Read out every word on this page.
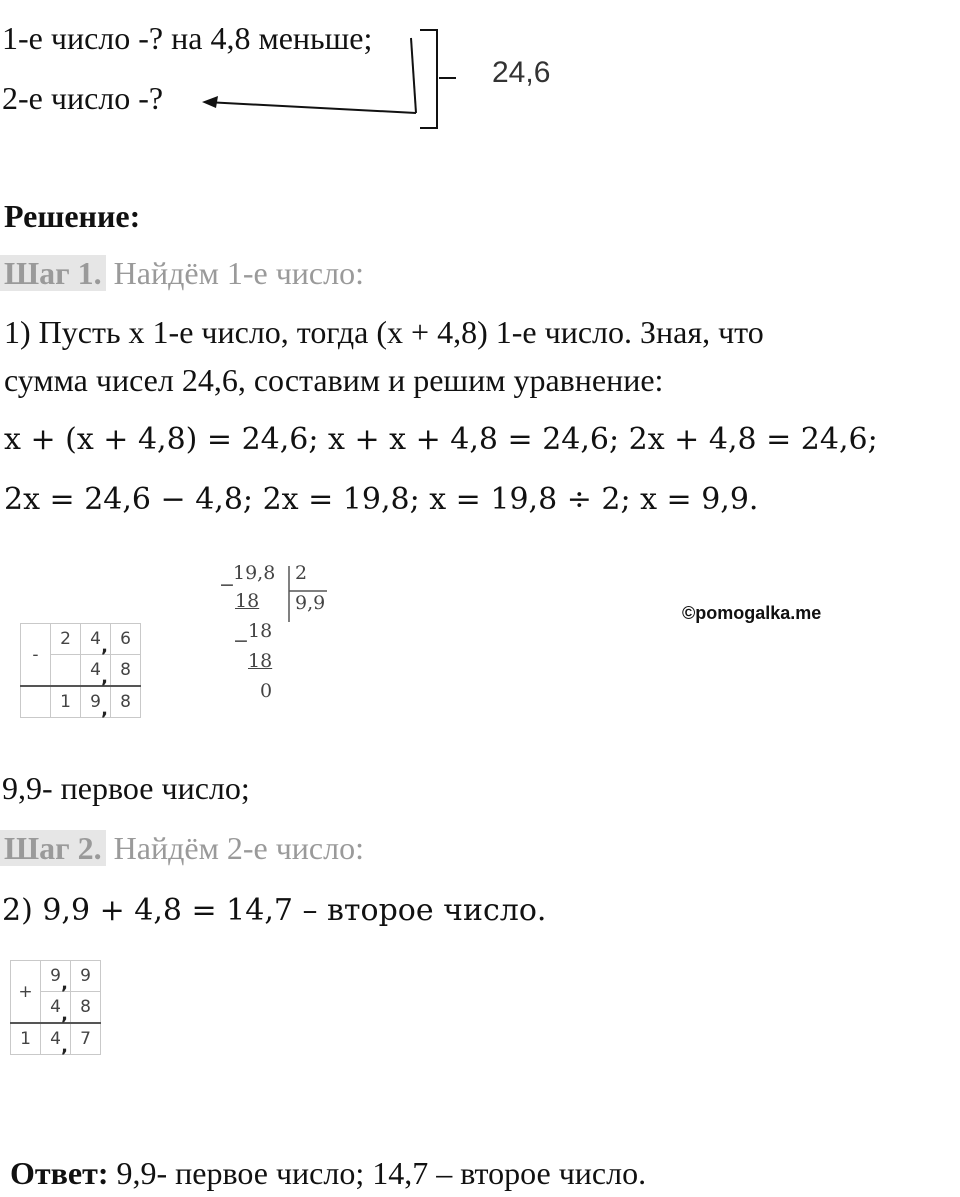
1-е число -? на 4,8 меньше;
2-е число -?
24,6
Решение:
Шаг 1. Найдём 1-е число:
1) Пусть x 1-е число, тогда (x + 4,8) 1-е число. Зная, что
сумма чисел 24,6, составим и решим уравнение:
x + (x + 4,8) = 24,6; x + x + 4,8 = 24,6; 2x + 4,8 = 24,6;
2x = 24,6 − 4,8; 2x = 19,8; x = 19,8 ÷ 2; x = 9,9.
-	2	4 ,	6
		4 ,	8
	1	9 ,	8
−
19,8 2
18 9,9
− 18
18
0
©pomogalka.me
9,9- первое число;
Шаг 2. Найдём 2-е число:
2) 9,9 + 4,8 = 14,7 – второе число.
+	9 ,	9
	4 ,	8
1	4 ,	7
Ответ: 9,9- первое число; 14,7 – второе число.
